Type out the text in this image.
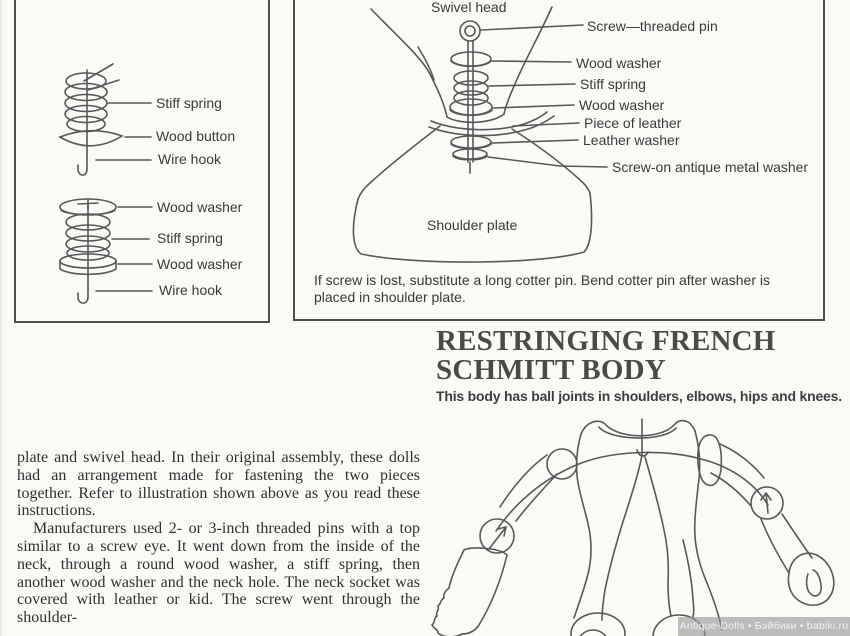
Stiff spring
Wood button
Wire hook
Wood washer
Stiff spring
Wood washer
Wire hook
Swivel head
Screw—threaded pin
Wood washer
Stiff spring
Wood washer
Piece of leather
Leather washer
Screw-on antique metal washer
Shoulder plate
If screw is lost, substitute a long cotter pin. Bend cotter pin after washer is placed in shoulder plate.
RESTRINGING FRENCH SCHMITT BODY
This body has ball joints in shoulders, elbows, hips and knees.

plate and swivel head. In their original assembly, these dolls had an arrangement made for fastening the two pieces together. Refer to illustration shown above as you read these instructions.

Manufacturers used 2- or 3-inch threaded pins with a top similar to a screw eye. It went down from the inside of the neck, through a round wood washer, a stiff spring, then another wood washer and the neck hole. The neck socket was covered with leather or kid. The screw went through the shoulder-	Antique-Dolls • Бэйбики • babiki.ru
